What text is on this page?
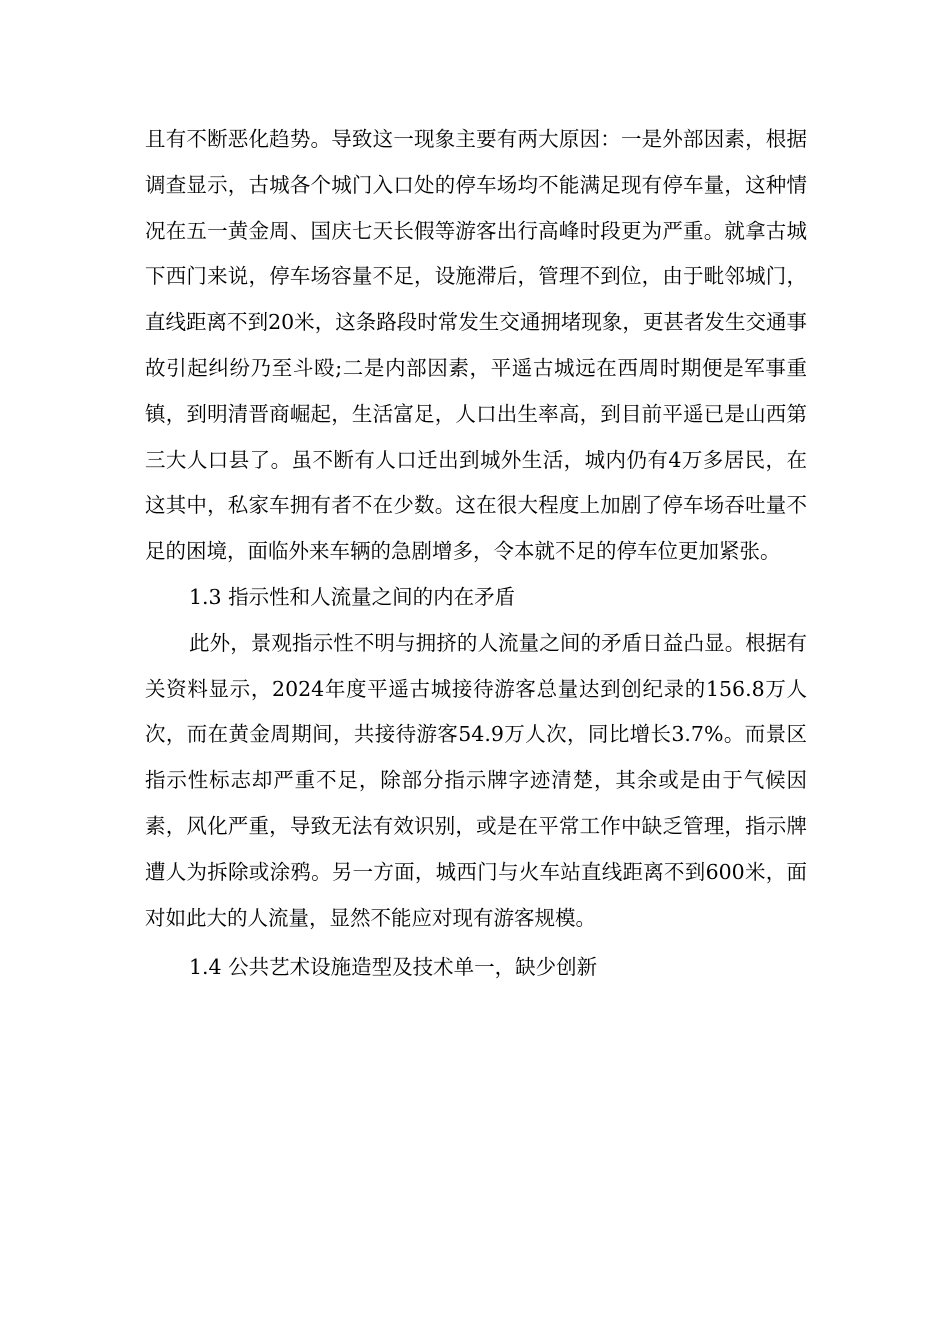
且有不断恶化趋势。导致这一现象主要有两大原因：一是外部因素，根据调查显示，古城各个城门入口处的停车场均不能满足现有停车量，这种情况在五一黄金周、国庆七天长假等游客出行高峰时段更为严重。就拿古城下西门来说，停车场容量不足，设施滞后，管理不到位，由于毗邻城门，直线距离不到20米，这条路段时常发生交通拥堵现象，更甚者发生交通事故引起纠纷乃至斗殴;二是内部因素，平遥古城远在西周时期便是军事重镇，到明清晋商崛起，生活富足，人口出生率高，到目前平遥已是山西第三大人口县了。虽不断有人口迁出到城外生活，城内仍有4万多居民，在这其中，私家车拥有者不在少数。这在很大程度上加剧了停车场吞吐量不足的困境，面临外来车辆的急剧增多，令本就不足的停车位更加紧张。

1.3 指示性和人流量之间的内在矛盾

此外，景观指示性不明与拥挤的人流量之间的矛盾日益凸显。根据有关资料显示，2024年度平遥古城接待游客总量达到创纪录的156.8万人次，而在黄金周期间，共接待游客54.9万人次，同比增长3.7%。而景区指示性标志却严重不足，除部分指示牌字迹清楚，其余或是由于气候因素，风化严重，导致无法有效识别，或是在平常工作中缺乏管理，指示牌遭人为拆除或涂鸦。另一方面，城西门与火车站直线距离不到600米，面对如此大的人流量，显然不能应对现有游客规模。

1.4 公共艺术设施造型及技术单一，缺少创新
